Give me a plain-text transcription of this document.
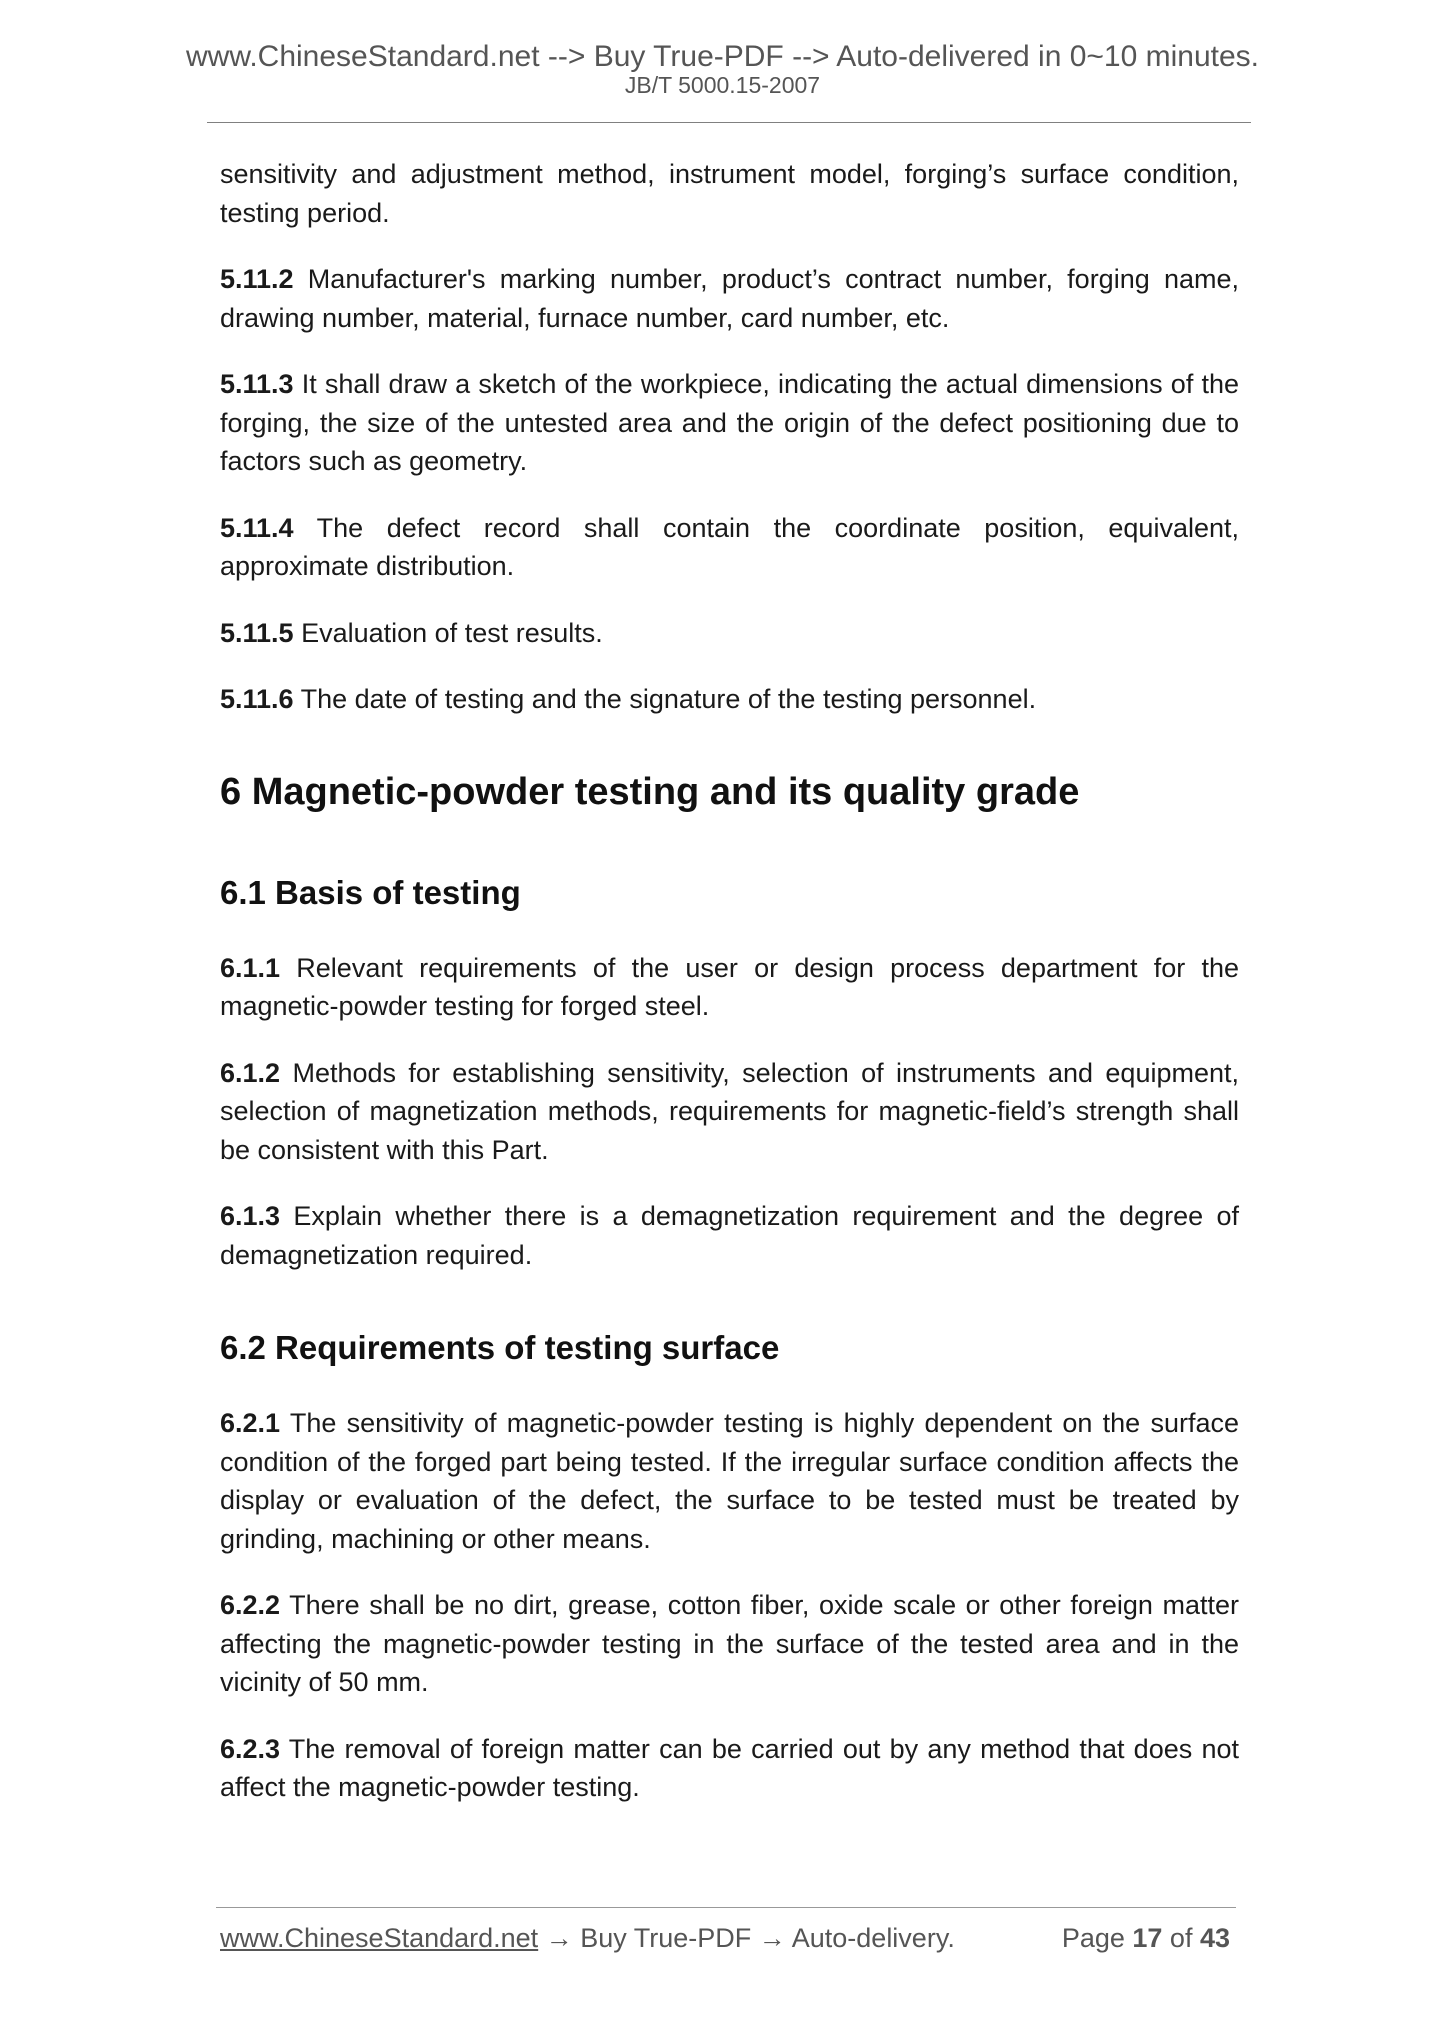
www.ChineseStandard.net --> Buy True-PDF --> Auto-delivered in 0~10 minutes.
JB/T 5000.15-2007

sensitivity and adjustment method, instrument model, forging’s surface condition, testing period.

5.11.2 Manufacturer's marking number, product’s contract number, forging name, drawing number, material, furnace number, card number, etc.

5.11.3 It shall draw a sketch of the workpiece, indicating the actual dimensions of the forging, the size of the untested area and the origin of the defect positioning due to factors such as geometry.

5.11.4 The defect record shall contain the coordinate position, equivalent, approximate distribution.

5.11.5 Evaluation of test results.

5.11.6 The date of testing and the signature of the testing personnel.

6 Magnetic-powder testing and its quality grade
6.1 Basis of testing

6.1.1 Relevant requirements of the user or design process department for the magnetic-powder testing for forged steel.

6.1.2 Methods for establishing sensitivity, selection of instruments and equipment, selection of magnetization methods, requirements for magnetic-field’s strength shall be consistent with this Part.

6.1.3 Explain whether there is a demagnetization requirement and the degree of demagnetization required.

6.2 Requirements of testing surface

6.2.1 The sensitivity of magnetic-powder testing is highly dependent on the surface condition of the forged part being tested. If the irregular surface condition affects the display or evaluation of the defect, the surface to be tested must be treated by grinding, machining or other means.

6.2.2 There shall be no dirt, grease, cotton fiber, oxide scale or other foreign matter affecting the magnetic-powder testing in the surface of the tested area and in the vicinity of 50 mm.

6.2.3 The removal of foreign matter can be carried out by any method that does not affect the magnetic-powder testing.

www.ChineseStandard.net → Buy True-PDF → Auto-delivery.	Page 17 of 43
